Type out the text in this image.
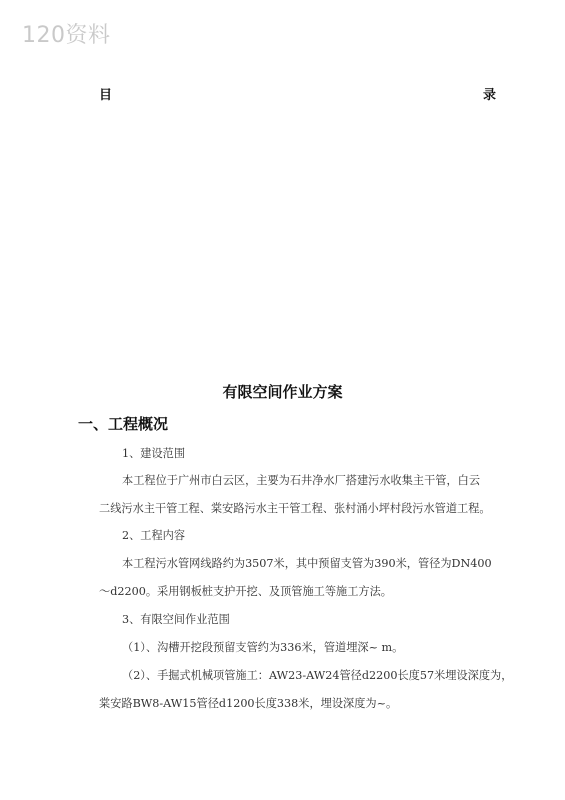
120资料
目	录
有限空间作业方案
一、工程概况
1、建设范围
本工程位于广州市白云区，主要为石井净水厂搭建污水收集主干管，白云
二线污水主干管工程、棠安路污水主干管工程、张村涌小坪村段污水管道工程。
2、工程内容
本工程污水管网线路约为3507米，其中预留支管为390米，管径为DN400
～d2200。采用钢板桩支护开挖、及顶管施工等施工方法。
3、有限空间作业范围
（1）、沟槽开挖段预留支管约为336米，管道埋深~ m。
（2）、手掘式机械项管施工：AW23-AW24管径d2200长度57米埋设深度为，
棠安路BW8-AW15管径d1200长度338米，埋设深度为~。
